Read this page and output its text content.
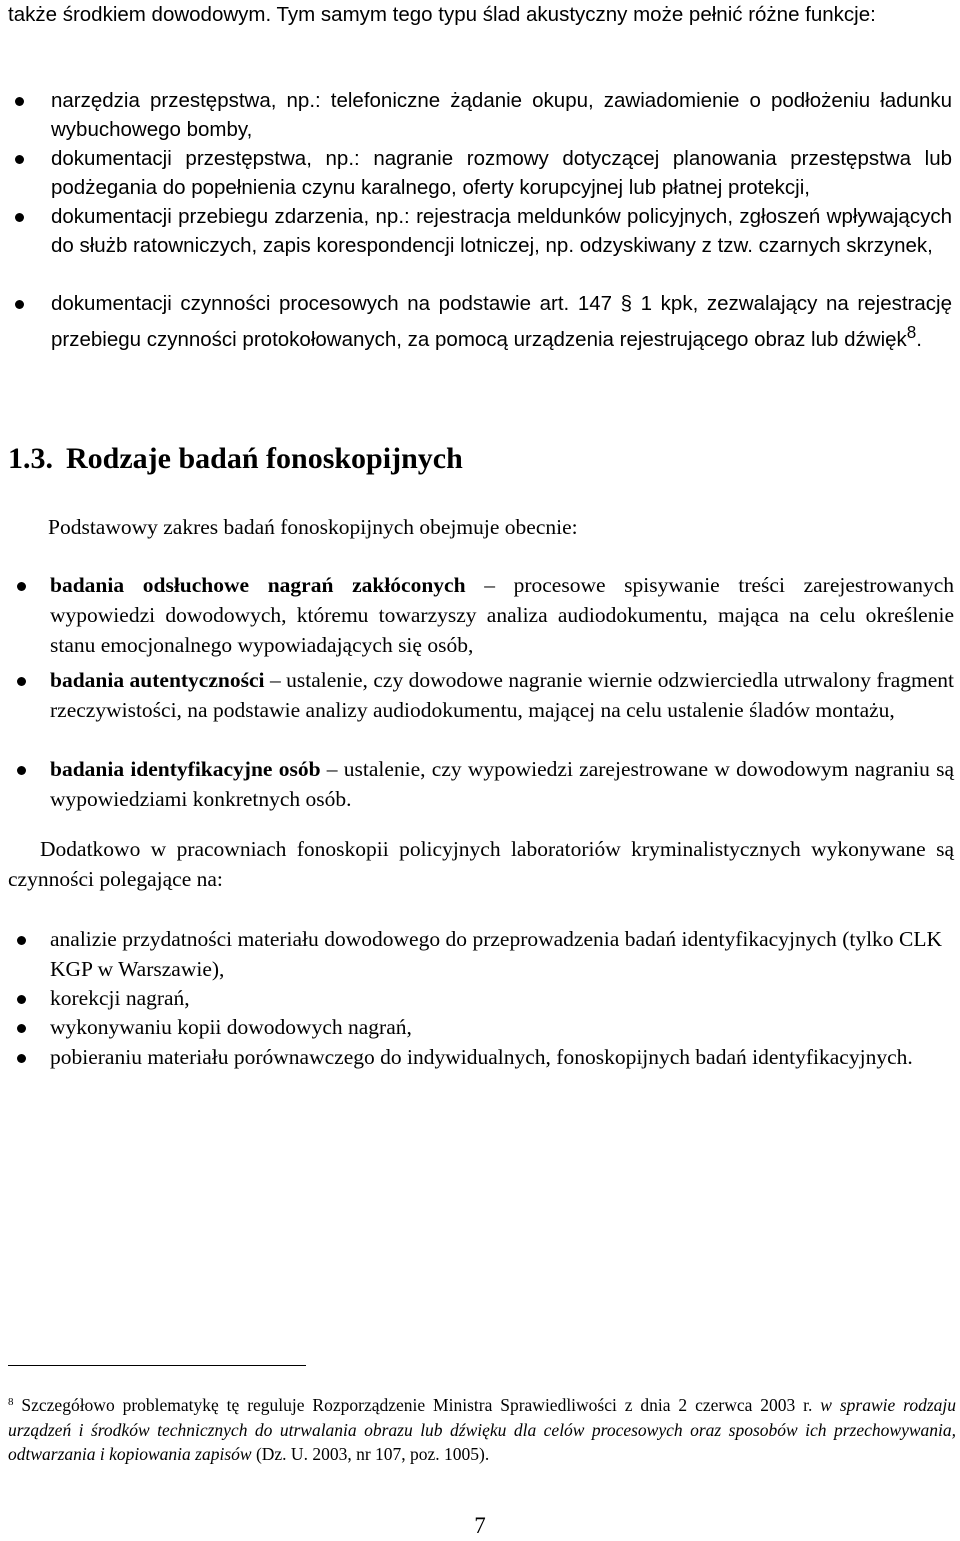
także środkiem dowodowym. Tym samym tego typu ślad akustyczny może pełnić różne funkcje:
narzędzia przestępstwa, np.: telefoniczne żądanie okupu, zawiadomienie o podłożeniu ładunku wybuchowego bomby,
dokumentacji przestępstwa, np.: nagranie rozmowy dotyczącej planowania przestępstwa lub podżegania do popełnienia czynu karalnego, oferty korupcyjnej lub płatnej protekcji,
dokumentacji przebiegu zdarzenia, np.: rejestracja meldunków policyjnych, zgłoszeń wpływających do służb ratowniczych, zapis korespondencji lotniczej, np. odzyskiwany z tzw. czarnych skrzynek,
dokumentacji czynności procesowych na podstawie art. 147 § 1 kpk, zezwalający na rejestrację przebiegu czynności protokołowanych, za pomocą urządzenia rejestrującego obraz lub dźwięk$^8$.
1.3. Rodzaje badań fonoskopijnych
Podstawowy zakres badań fonoskopijnych obejmuje obecnie:
badania odsłuchowe nagrań zakłóconych – procesowe spisywanie treści zarejestrowanych wypowiedzi dowodowych, któremu towarzyszy analiza audiodokumentu, mająca na celu określenie stanu emocjonalnego wypowiadających się osób,
badania autentyczności – ustalenie, czy dowodowe nagranie wiernie odzwierciedla utrwalony fragment rzeczywistości, na podstawie analizy audiodokumentu, mającej na celu ustalenie śladów montażu,
badania identyfikacyjne osób – ustalenie, czy wypowiedzi zarejestrowane w dowodowym nagraniu są wypowiedziami konkretnych osób.
Dodatkowo w pracowniach fonoskopii policyjnych laboratoriów kryminalistycznych wykonywane są czynności polegające na:
analizie przydatności materiału dowodowego do przeprowadzenia badań identyfikacyjnych (tylko CLK KGP w Warszawie),
korekcji nagrań,
wykonywaniu kopii dowodowych nagrań,
pobieraniu materiału porównawczego do indywidualnych, fonoskopijnych badań identyfikacyjnych.
$^8$ Szczegółowo problematykę tę reguluje Rozporządzenie Ministra Sprawiedliwości z dnia 2 czerwca 2003 r. w sprawie rodzaju urządzeń i środków technicznych do utrwalania obrazu lub dźwięku dla celów procesowych oraz sposobów ich przechowywania, odtwarzania i kopiowania zapisów (Dz. U. 2003, nr 107, poz. 1005).
7
